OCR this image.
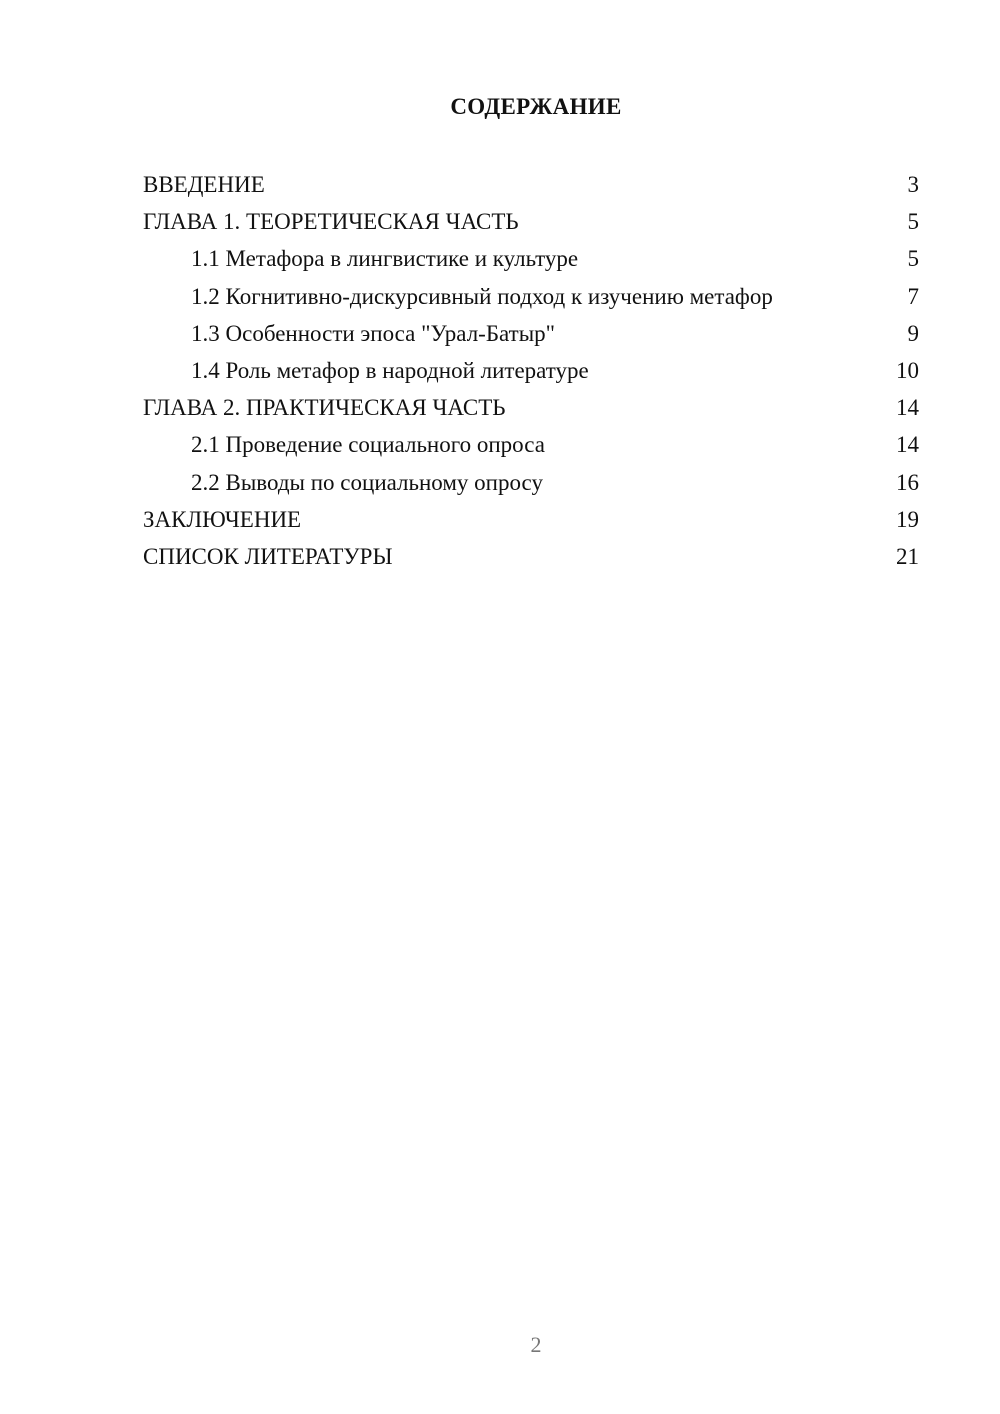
СОДЕРЖАНИЕ
ВВЕДЕНИЕ	3
ГЛАВА 1. ТЕОРЕТИЧЕСКАЯ ЧАСТЬ	5
1.1 Метафора в лингвистике и культуре	5
1.2 Когнитивно-дискурсивный подход к изучению метафор	7
1.3 Особенности эпоса "Урал-Батыр"	9
1.4 Роль метафор в народной литературе	10
ГЛАВА 2. ПРАКТИЧЕСКАЯ ЧАСТЬ	14
2.1 Проведение социального опроса	14
2.2 Выводы по социальному опросу	16
ЗАКЛЮЧЕНИЕ	19
СПИСОК ЛИТЕРАТУРЫ	21
2
